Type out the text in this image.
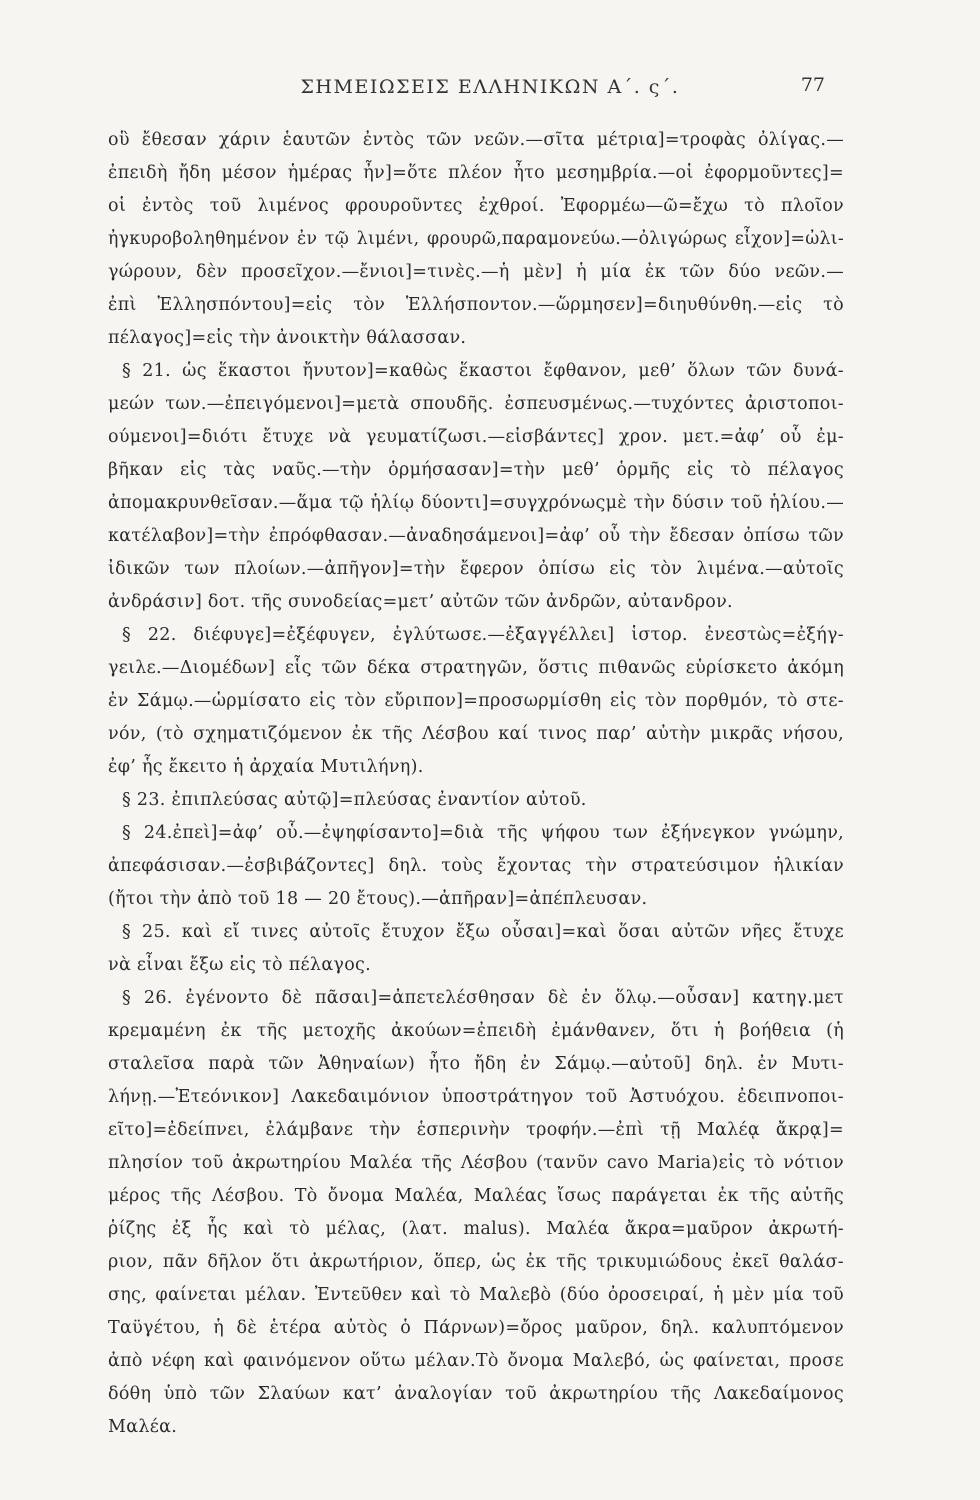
ΣΗΜΕΙΩΣΕΙΣ ΕΛΛΗΝΙΚΩΝ Α΄. ς΄.	77
οὓ ἔθεσαν χάριν ἑαυτῶν ἐντὸς τῶν νεῶν.—σῖτα μέτρια]=τροφὰς ὀλίγας.—
ἐπειδὴ ἤδη μέσον ἡμέρας ἦν]=ὅτε πλέον ἦτο μεσημβρία.—οἱ ἐφορμοῦντες]=
οἱ ἐντὸς τοῦ λιμένος φρουροῦντες ἐχθροί. Ἐφορμέω—ῶ=ἔχω τὸ πλοῖον
ἠγκυροβοληθημένον ἐν τῷ λιμένι, φρουρῶ,παραμονεύω.—ὀλιγώρως εἶχον]=ὠλι-
γώρουν, δὲν προσεῖχον.—ἔνιοι]=τινὲς.—ἡ μὲν] ἡ μία ἐκ τῶν δύο νεῶν.—
ἐπὶ Ἑλλησπόντου]=εἰς τὸν Ἑλλήσποντον.—ὥρμησεν]=διηυθύνθη.—εἰς τὸ
πέλαγος]=εἰς τὴν ἀνοικτὴν θάλασσαν.
§ 21. ὡς ἕκαστοι ἤνυτον]=καθὼς ἕκαστοι ἔφθανον, μεθ’ ὅλων τῶν δυνά-
μεών των.—ἐπειγόμενοι]=μετὰ σπουδῆς. ἐσπευσμένως.—τυχόντες ἀριστοποι-
ούμενοι]=διότι ἔτυχε νὰ γευματίζωσι.—εἰσβάντες] χρον. μετ.=ἀφ’ οὗ ἐμ-
βῆκαν εἰς τὰς ναῦς.—τὴν ὁρμήσασαν]=τὴν μεθ’ ὁρμῆς εἰς τὸ πέλαγος
ἀπομακρυνθεῖσαν.—ἅμα τῷ ἡλίῳ δύοντι]=συγχρόνωςμὲ τὴν δύσιν τοῦ ἡλίου.—
κατέλαβον]=τὴν ἐπρόφθασαν.—ἀναδησάμενοι]=ἀφ’ οὗ τὴν ἔδεσαν ὀπίσω τῶν
ἰδικῶν των πλοίων.—ἀπῆγον]=τὴν ἔφερον ὀπίσω εἰς τὸν λιμένα.—αὐτοῖς
ἀνδράσιν] δοτ. τῆς συνοδείας=μετ’ αὐτῶν τῶν ἀνδρῶν, αὐτανδρον.
§ 22. διέφυγε]=ἐξέφυγεν, ἐγλύτωσε.—ἐξαγγέλλει] ἱστορ. ἐνεστὼς=ἐξήγ-
γειλε.—Διομέδων] εἷς τῶν δέκα στρατηγῶν, ὅστις πιθανῶς εὑρίσκετο ἀκόμη
ἐν Σάμῳ.—ὡρμίσατο εἰς τὸν εὔριπον]=προσωρμίσθη εἰς τὸν πορθμόν, τὸ στε-
νόν, (τὸ σχηματιζόμενον ἐκ τῆς Λέσβου καί τινος παρ’ αὐτὴν μικρᾶς νήσου,
ἐφ’ ἧς ἔκειτο ἡ ἀρχαία Μυτιλήνη).
§ 23. ἐπιπλεύσας αὐτῷ]=πλεύσας ἐναντίον αὐτοῦ.
§ 24.ἐπεὶ]=ἀφ’ οὗ.—ἐψηφίσαντο]=διὰ τῆς ψήφου των ἐξήνεγκον γνώμην,
ἀπεφάσισαν.—ἐσβιβάζοντες] δηλ. τοὺς ἔχοντας τὴν στρατεύσιμον ἡλικίαν
(ἤτοι τὴν ἀπὸ τοῦ 18 — 20 ἔτους).—ἀπῆραν]=ἀπέπλευσαν.
§ 25. καὶ εἴ τινες αὐτοῖς ἔτυχον ἔξω οὖσαι]=καὶ ὅσαι αὐτῶν νῆες ἔτυχε
νὰ εἶναι ἔξω εἰς τὸ πέλαγος.
§ 26. ἐγένοντο δὲ πᾶσαι]=ἀπετελέσθησαν δὲ ἐν ὅλῳ.—οὖσαν] κατηγ.μετ
κρεμαμένη ἐκ τῆς μετοχῆς ἀκούων=ἐπειδὴ ἐμάνθανεν, ὅτι ἡ βοήθεια (ἡ
σταλεῖσα παρὰ τῶν Ἀθηναίων) ἦτο ἤδη ἐν Σάμῳ.—αὐτοῦ] δηλ. ἐν Μυτι-
λήνῃ.—Ἐτεόνικον] Λακεδαιμόνιον ὑποστράτηγον τοῦ Ἀστυόχου. ἐδειπνοποι-
εῖτο]=ἐδείπνει, ἐλάμβανε τὴν ἑσπερινὴν τροφήν.—ἐπὶ τῇ Μαλέᾳ ἄκρᾳ]=
πλησίον τοῦ ἀκρωτηρίου Μαλέα τῆς Λέσβου (τανῦν cavo Maria)εἰς τὸ νότιον
μέρος τῆς Λέσβου. Τὸ ὄνομα Μαλέα, Μαλέας ἴσως παράγεται ἐκ τῆς αὐτῆς
ῥίζης ἐξ ἧς καὶ τὸ μέλας, (λατ. malus). Μαλέα ἄκρα=μαῦρον ἀκρωτή-
ριον, πᾶν δῆλον ὅτι ἀκρωτήριον, ὅπερ, ὡς ἐκ τῆς τρικυμιώδους ἐκεῖ θαλάσ-
σης, φαίνεται μέλαν. Ἐντεῦθεν καὶ τὸ Μαλεβὸ (δύο ὀροσειραί, ἡ μὲν μία τοῦ
Ταϋγέτου, ἡ δὲ ἑτέρα αὐτὸς ὁ Πάρνων)=ὄρος μαῦρον, δηλ. καλυπτόμενον
ἀπὸ νέφη καὶ φαινόμενον οὕτω μέλαν.Τὸ ὄνομα Μαλεβό, ὡς φαίνεται, προσε
δόθη ὑπὸ τῶν Σλαύων κατ’ ἀναλογίαν τοῦ ἀκρωτηρίου τῆς Λακεδαίμονος
Μαλέα.
